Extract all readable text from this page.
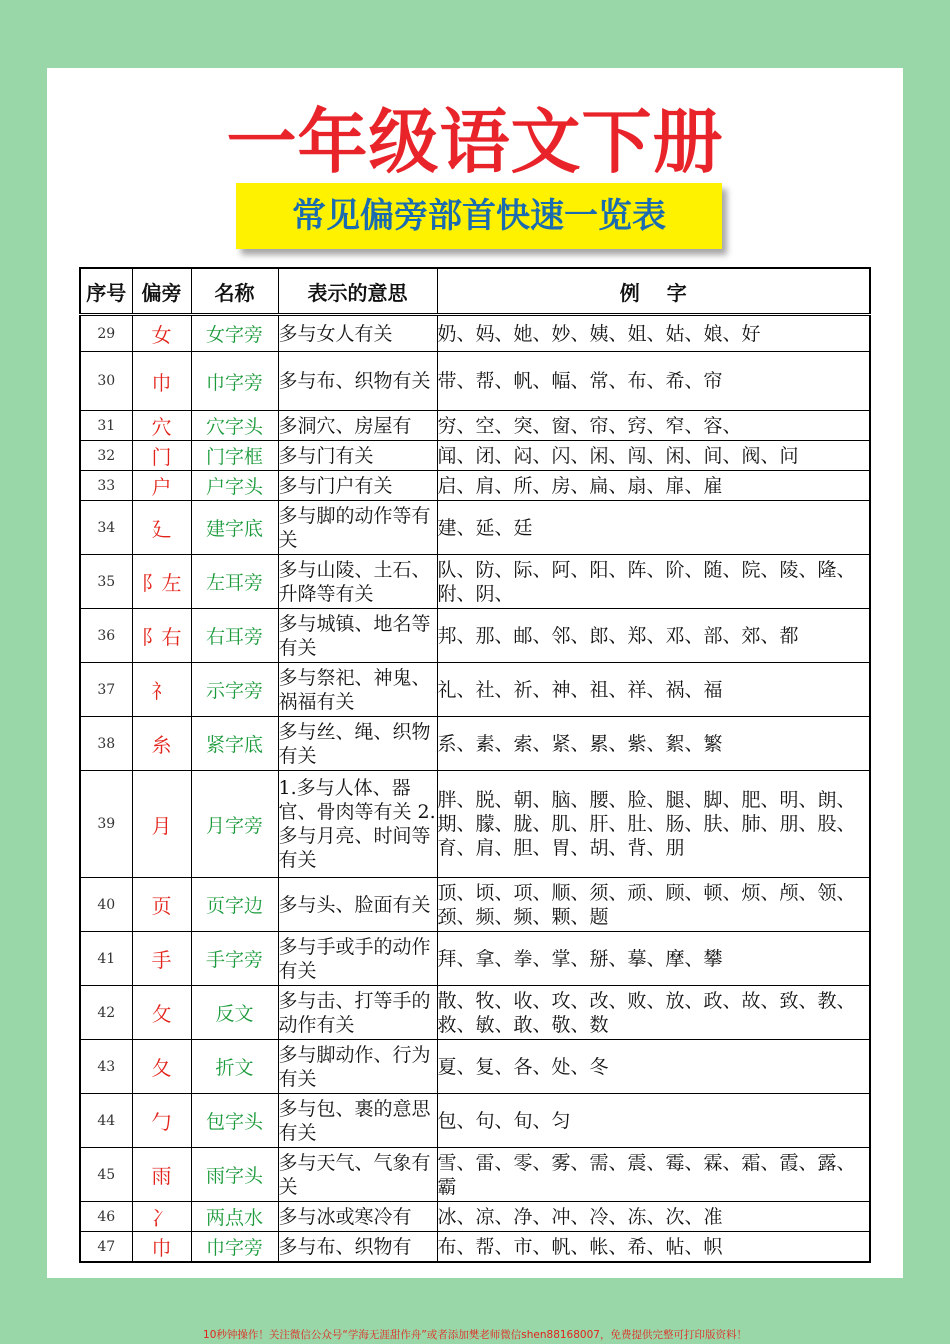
一年级语文下册
常见偏旁部首快速一览表
序号	偏旁	名称	表示的意思	例　 字
29	女	女字旁	多与女人有关	奶、妈、她、妙、姨、姐、姑、娘、好
30	巾	巾字旁	多与布、织物有关	带、帮、帆、幅、常、布、希、帘
31	穴	穴字头	多洞穴、房屋有	穷、空、突、窗、帘、窍、窄、容、
32	门	门字框	多与门有关	闻、闭、闷、闪、闲、闯、闲、间、阀、问
33	户	户字头	多与门户有关	启、肩、所、房、扁、扇、扉、雇
34	廴	建字底	多与脚的动作等有关	建、延、廷
35	阝左	左耳旁	多与山陵、土石、升降等有关	队、防、际、阿、阳、阵、阶、随、院、陵、隆、附、阴、
36	阝右	右耳旁	多与城镇、地名等有关	邦、那、邮、邻、郎、郑、邓、部、郊、都
37	礻	示字旁	多与祭祀、神鬼、祸福有关	礼、社、祈、神、祖、祥、祸、福
38	糸	紧字底	多与丝、绳、织物有关	系、素、索、紧、累、紫、絮、繁
39	月	月字旁	1.多与人体、器官、骨肉等有关 2.多与月亮、时间等有关	胖、脱、朝、脑、腰、脸、腿、脚、肥、明、朗、期、朦、胧、肌、肝、肚、肠、肤、肺、朋、股、育、肩、胆、胃、胡、背、朋
40	页	页字边	多与头、脸面有关	顶、顷、项、顺、须、顽、顾、顿、烦、颅、领、颈、频、频、颗、题
41	手	手字旁	多与手或手的动作有关	拜、拿、拳、掌、掰、摹、摩、攀
42	攵	反文	多与击、打等手的动作有关	散、牧、收、攻、改、败、放、政、故、致、教、救、敏、敢、敬、数
43	夂	折文	多与脚动作、行为有关	夏、复、各、处、冬
44	勹	包字头	多与包、裹的意思有关	包、句、旬、匀
45	雨	雨字头	多与天气、气象有关	雪、雷、零、雾、需、震、霉、霖、霜、霞、露、霸
46	冫	两点水	多与冰或寒冷有	冰、凉、净、冲、冷、冻、次、准
47	巾	巾字旁	多与布、织物有	布、帮、市、帆、帐、希、帖、帜
10秒钟操作！关注微信公众号“学海无涯甜作舟”或者添加樊老师微信shen88168007，免费提供完整可打印版资料！
